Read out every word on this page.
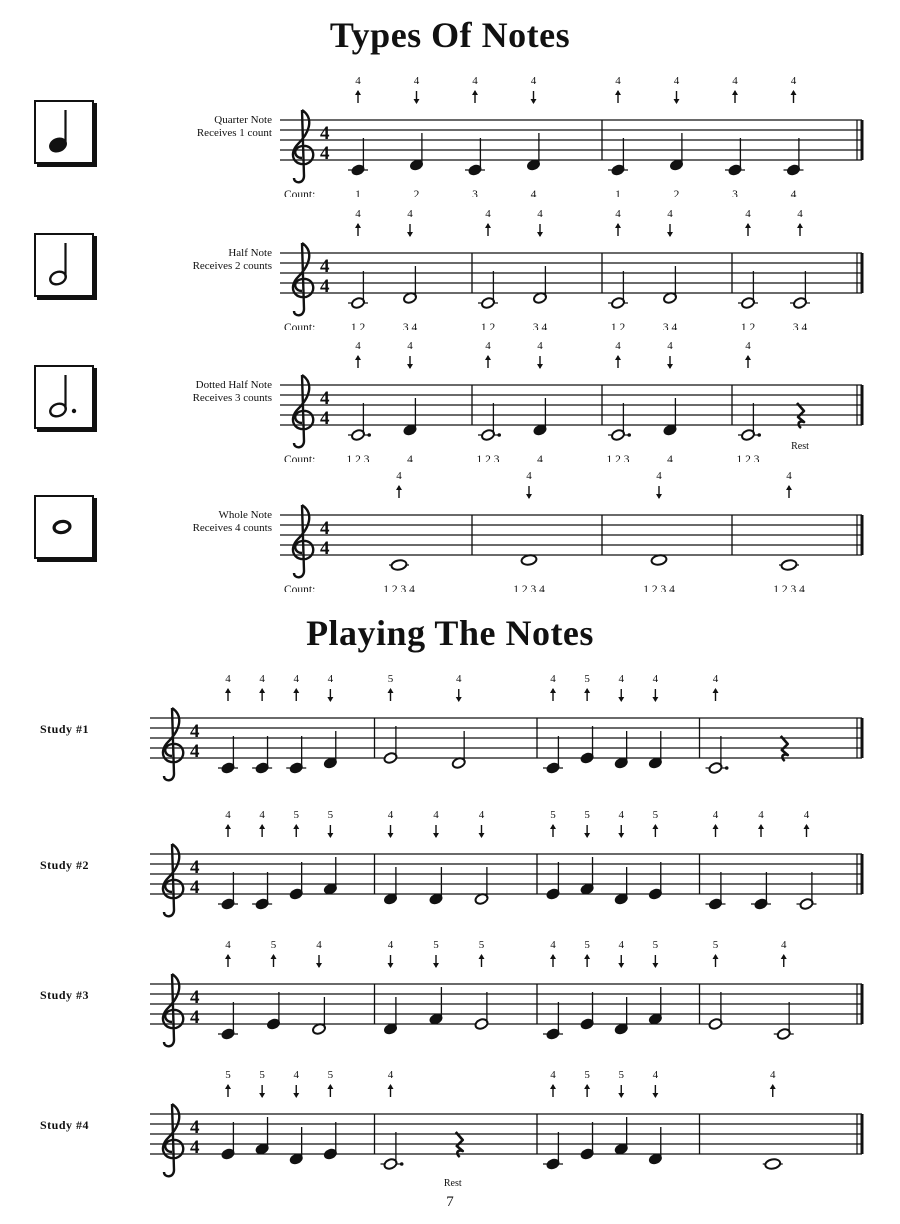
Types Of Notes
Quarter Note
Receives 1 count	4
4
4
1
4
2
4
3
4
4
4
1
4
2
4
3
4
4
Count:
Half Note
Receives 2 counts	4
4
4
1 2
4
3 4
4
1 2
4
3 4
4
1 2
4
3 4
4
1 2
4
3 4
Count:
Dotted Half Note
Receives 3 counts	4
4
4
1 2 3
4
4
4
1 2 3
4
4
4
1 2 3
4
4
4
1 2 3
Rest
Count:
Whole Note
Receives 4 counts	4
4
4
1 2 3 4
4
1 2 3 4
4
1 2 3 4
4
1 2 3 4
Count:
Playing The Notes
Study #1	4
4
4	4	4	4	5	4	4	5	4	4	4
Study #2	4
4
4	4	5	5	4	4	4	5	5	4	5	4	4	4
Study #3	4
4
4	5	4	4	5	5	4	5	4	5	5	4
Study #4	4
4
5	5	4	5	4
Rest
4	5	5	4	4
7
